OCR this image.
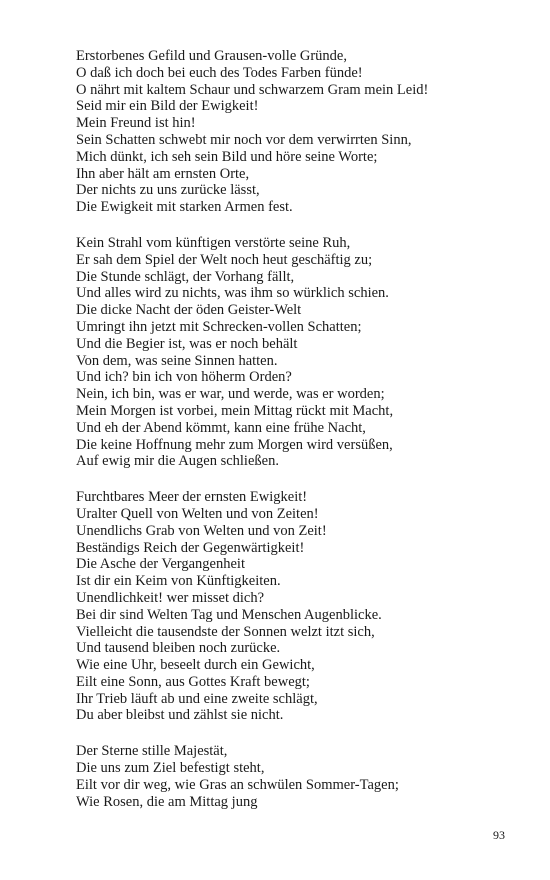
Erstorbenes Gefild und Grausen-volle Gründe,
O daß ich doch bei euch des Todes Farben fünde!
O nährt mit kaltem Schaur und schwarzem Gram mein Leid!
Seid mir ein Bild der Ewigkeit!
Mein Freund ist hin!
Sein Schatten schwebt mir noch vor dem verwirrten Sinn,
Mich dünkt, ich seh sein Bild und höre seine Worte;
Ihn aber hält am ernsten Orte,
Der nichts zu uns zurücke lässt,
Die Ewigkeit mit starken Armen fest.
Kein Strahl vom künftigen verstörte seine Ruh,
Er sah dem Spiel der Welt noch heut geschäftig zu;
Die Stunde schlägt, der Vorhang fällt,
Und alles wird zu nichts, was ihm so würklich schien.
Die dicke Nacht der öden Geister-Welt
Umringt ihn jetzt mit Schrecken-vollen Schatten;
Und die Begier ist, was er noch behält
Von dem, was seine Sinnen hatten.
Und ich? bin ich von höherm Orden?
Nein, ich bin, was er war, und werde, was er worden;
Mein Morgen ist vorbei, mein Mittag rückt mit Macht,
Und eh der Abend kömmt, kann eine frühe Nacht,
Die keine Hoffnung mehr zum Morgen wird versüßen,
Auf ewig mir die Augen schließen.
Furchtbares Meer der ernsten Ewigkeit!
Uralter Quell von Welten und von Zeiten!
Unendlichs Grab von Welten und von Zeit!
Beständigs Reich der Gegenwärtigkeit!
Die Asche der Vergangenheit
Ist dir ein Keim von Künftigkeiten.
Unendlichkeit! wer misset dich?
Bei dir sind Welten Tag und Menschen Augenblicke.
Vielleicht die tausendste der Sonnen welzt itzt sich,
Und tausend bleiben noch zurücke.
Wie eine Uhr, beseelt durch ein Gewicht,
Eilt eine Sonn, aus Gottes Kraft bewegt;
Ihr Trieb läuft ab und eine zweite schlägt,
Du aber bleibst und zählst sie nicht.
Der Sterne stille Majestät,
Die uns zum Ziel befestigt steht,
Eilt vor dir weg, wie Gras an schwülen Sommer-Tagen;
Wie Rosen, die am Mittag jung
93
